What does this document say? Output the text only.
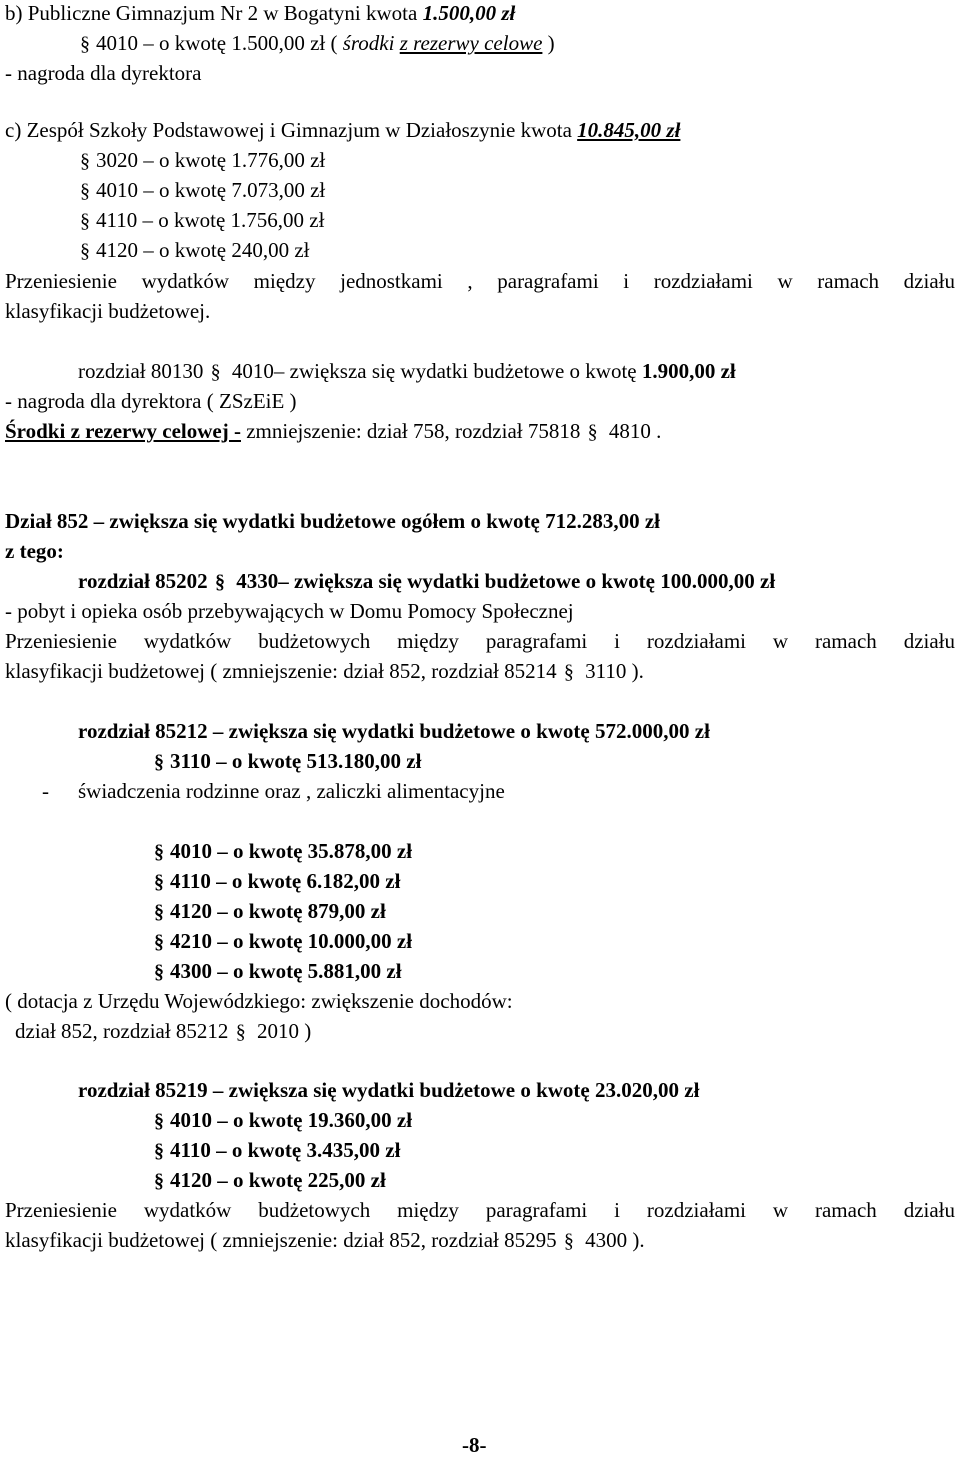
b) Publiczne Gimnazjum Nr 2 w Bogatyni kwota 1.500,00 zł
§ 4010 – o kwotę 1.500,00 zł ( środki z rezerwy celowe )
- nagroda dla dyrektora
c) Zespół Szkoły Podstawowej i Gimnazjum w Działoszynie kwota 10.845,00 zł
§ 3020 – o kwotę 1.776,00 zł
§ 4010 – o kwotę 7.073,00 zł
§ 4110 – o kwotę 1.756,00 zł
§ 4120 – o kwotę 240,00 zł
Przeniesienie wydatków między jednostkami , paragrafami i rozdziałami w ramach działu
klasyfikacji budżetowej.
rozdział 80130 § 4010– zwiększa się wydatki budżetowe o kwotę 1.900,00 zł
- nagroda dla dyrektora ( ZSzEiE )
Środki z rezerwy celowej - zmniejszenie: dział 758, rozdział 75818 § 4810 .
Dział 852 – zwiększa się wydatki budżetowe ogółem o kwotę 712.283,00 zł
z tego:
rozdział 85202 § 4330– zwiększa się wydatki budżetowe o kwotę 100.000,00 zł
- pobyt i opieka osób przebywających w Domu Pomocy Społecznej
Przeniesienie wydatków budżetowych między paragrafami i rozdziałami w ramach działu
klasyfikacji budżetowej ( zmniejszenie: dział 852, rozdział 85214 § 3110 ).
rozdział 85212 – zwiększa się wydatki budżetowe o kwotę 572.000,00 zł
§ 3110 – o kwotę 513.180,00 zł
- świadczenia rodzinne oraz , zaliczki alimentacyjne
§ 4010 – o kwotę 35.878,00 zł
§ 4110 – o kwotę 6.182,00 zł
§ 4120 – o kwotę 879,00 zł
§ 4210 – o kwotę 10.000,00 zł
§ 4300 – o kwotę 5.881,00 zł
( dotacja z Urzędu Wojewódzkiego: zwiększenie dochodów:
dział 852, rozdział 85212 § 2010 )
rozdział 85219 – zwiększa się wydatki budżetowe o kwotę 23.020,00 zł
§ 4010 – o kwotę 19.360,00 zł
§ 4110 – o kwotę 3.435,00 zł
§ 4120 – o kwotę 225,00 zł
Przeniesienie wydatków budżetowych między paragrafami i rozdziałami w ramach działu
klasyfikacji budżetowej ( zmniejszenie: dział 852, rozdział 85295 § 4300 ).
-8-
